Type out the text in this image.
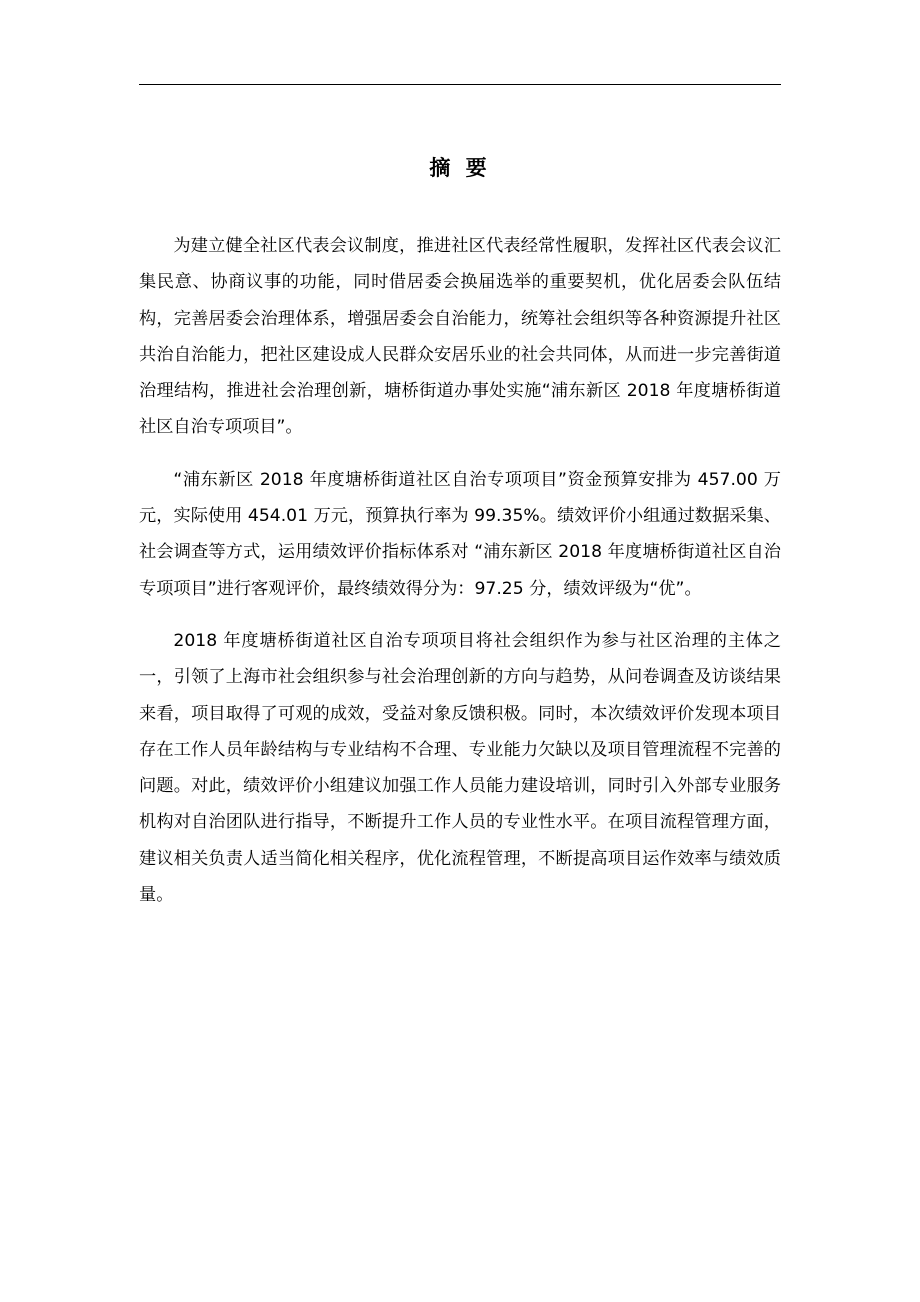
摘 要

为建立健全社区代表会议制度，推进社区代表经常性履职，发挥社区代表会议汇集民意、协商议事的功能，同时借居委会换届选举的重要契机，优化居委会队伍结构，完善居委会治理体系，增强居委会自治能力，统筹社会组织等各种资源提升社区共治自治能力，把社区建设成人民群众安居乐业的社会共同体，从而进一步完善街道治理结构，推进社会治理创新，塘桥街道办事处实施“浦东新区 2018 年度塘桥街道社区自治专项项目”。

“浦东新区 2018 年度塘桥街道社区自治专项项目”资金预算安排为 457.00 万元，实际使用 454.01 万元，预算执行率为 99.35%。绩效评价小组通过数据采集、社会调查等方式，运用绩效评价指标体系对 “浦东新区 2018 年度塘桥街道社区自治专项项目”进行客观评价，最终绩效得分为：97.25 分，绩效评级为“优”。

2018 年度塘桥街道社区自治专项项目将社会组织作为参与社区治理的主体之一，引领了上海市社会组织参与社会治理创新的方向与趋势，从问卷调查及访谈结果来看，项目取得了可观的成效，受益对象反馈积极。同时，本次绩效评价发现本项目存在工作人员年龄结构与专业结构不合理、专业能力欠缺以及项目管理流程不完善的问题。对此，绩效评价小组建议加强工作人员能力建设培训，同时引入外部专业服务机构对自治团队进行指导，不断提升工作人员的专业性水平。在项目流程管理方面，建议相关负责人适当简化相关程序，优化流程管理，不断提高项目运作效率与绩效质量。
